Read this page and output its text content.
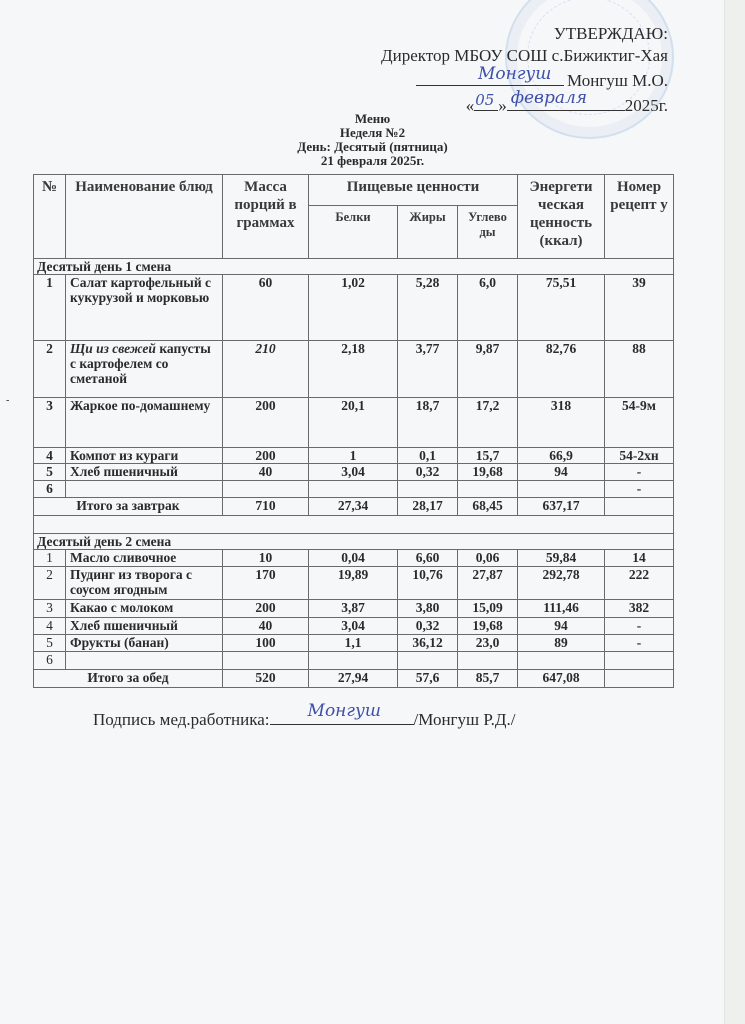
-
УТВЕРЖДАЮ:
Директор МБОУ СОШ с.Бижиктиг-Хая
Монгуш Монгуш М.О.
« 05 » февраля 2025г.
Меню
Неделя №2
День: Десятый (пятница)
21 февраля 2025г.
№	Наименование блюд	Масса порций в граммах	Пищевые ценности			Энергети ческая ценность (ккал)	Номер рецепт у
			Белки	Жиры	Углево ды		
Десятый день 1 смена							
1	Салат картофельный с кукурузой и морковью	60	1,02	5,28	6,0	75,51	39
2	Щи из свежей капусты с картофелем со сметаной	210	2,18	3,77	9,87	82,76	88
3	Жаркое по-домашнему	200	20,1	18,7	17,2	318	54-9м
4	Компот из кураги	200	1	0,1	15,7	66,9	54-2хн
5	Хлеб пшеничный	40	3,04	0,32	19,68	94	-
6							-
Итого за завтрак		710	27,34	28,17	68,45	637,17	

Десятый день 2 смена							
1	Масло сливочное	10	0,04	6,60	0,06	59,84	14
2	Пудинг из творога с соусом ягодным	170	19,89	10,76	27,87	292,78	222
3	Какао с молоком	200	3,87	3,80	15,09	111,46	382
4	Хлеб пшеничный	40	3,04	0,32	19,68	94	-
5	Фрукты (банан)	100	1,1	36,12	23,0	89	-
6							
Итого за обед		520	27,94	57,6	85,7	647,08	
Подпись мед.работника: Монгуш /Монгуш Р.Д./
